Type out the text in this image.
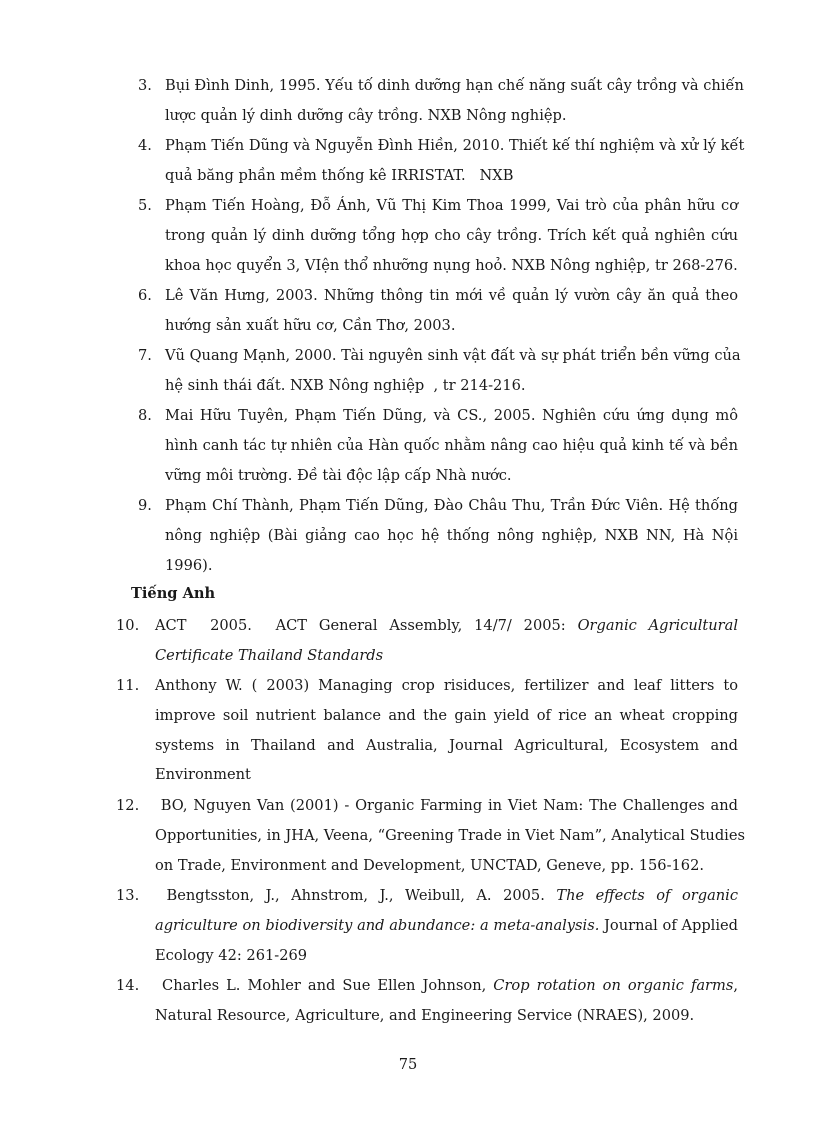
3. Bụi Đình Dinh, 1995. Yếu tố dinh dưỡng hạn chế năng suất cây trồng và chiến
lược quản lý dinh dưỡng cây trồng. NXB Nông nghiệp.
4. Phạm Tiến Dũng và Nguyễn Đình Hiền, 2010. Thiết kế thí nghiệm và xử lý kết
quả băng phần mềm thống kê IRRISTAT.   NXB
5. Phạm Tiến Hoàng, Đỗ Ánh, Vũ Thị Kim Thoa 1999, Vai trò của phân hữu cơ
trong quản lý dinh dưỡng tổng hợp cho cây trồng. Trích kết quả nghiên cứu
khoa học quyển 3, VIện thổ nhưỡng nụng hoỏ. NXB Nông nghiệp, tr 268-276.
6. Lê Văn Hưng, 2003. Những thông tin mới về quản lý vườn cây ăn quả theo
hướng sản xuất hữu cơ, Cần Thơ, 2003.
7. Vũ Quang Mạnh, 2000. Tài nguyên sinh vật đất và sự phát triển bền vững của
hệ sinh thái đất. NXB Nông nghiệp  , tr 214-216.
8. Mai Hữu Tuyên, Phạm Tiến Dũng, và CS., 2005. Nghiên cứu ứng dụng mô
hình canh tác tự nhiên của Hàn quốc nhằm nâng cao hiệu quả kinh tế và bền
vững môi trường. Đề tài độc lập cấp Nhà nước.
9. Phạm Chí Thành, Phạm Tiến Dũng, Đào Châu Thu, Trần Đức Viên. Hệ thống
nông nghiệp (Bài giảng cao học hệ thống nông nghiệp, NXB NN, Hà Nội
1996).
Tiếng Anh
10. ACT  2005.  ACT General Assembly, 14/7/ 2005: Organic Agricultural
Certificate Thailand Standards
11. Anthony W. ( 2003) Managing crop risiduces, fertilizer and leaf litters to
improve soil nutrient balance and the gain yield of rice an wheat cropping
systems in Thailand and Australia, Journal Agricultural, Ecosystem and
Environment
12. BO, Nguyen Van (2001) - Organic Farming in Viet Nam: The Challenges and
Opportunities, in JHA, Veena, “Greening Trade in Viet Nam”, Analytical Studies
on Trade, Environment and Development, UNCTAD, Geneve, pp. 156-162.
13. Bengtsston, J., Ahnstrom, J., Weibull, A. 2005. The effects of organic
agriculture on biodiversity and abundance: a meta-analysis. Journal of Applied
Ecology 42: 261-269
14. Charles L. Mohler and Sue Ellen Johnson, Crop rotation on organic farms,
Natural Resource, Agriculture, and Engineering Service (NRAES), 2009.
75
